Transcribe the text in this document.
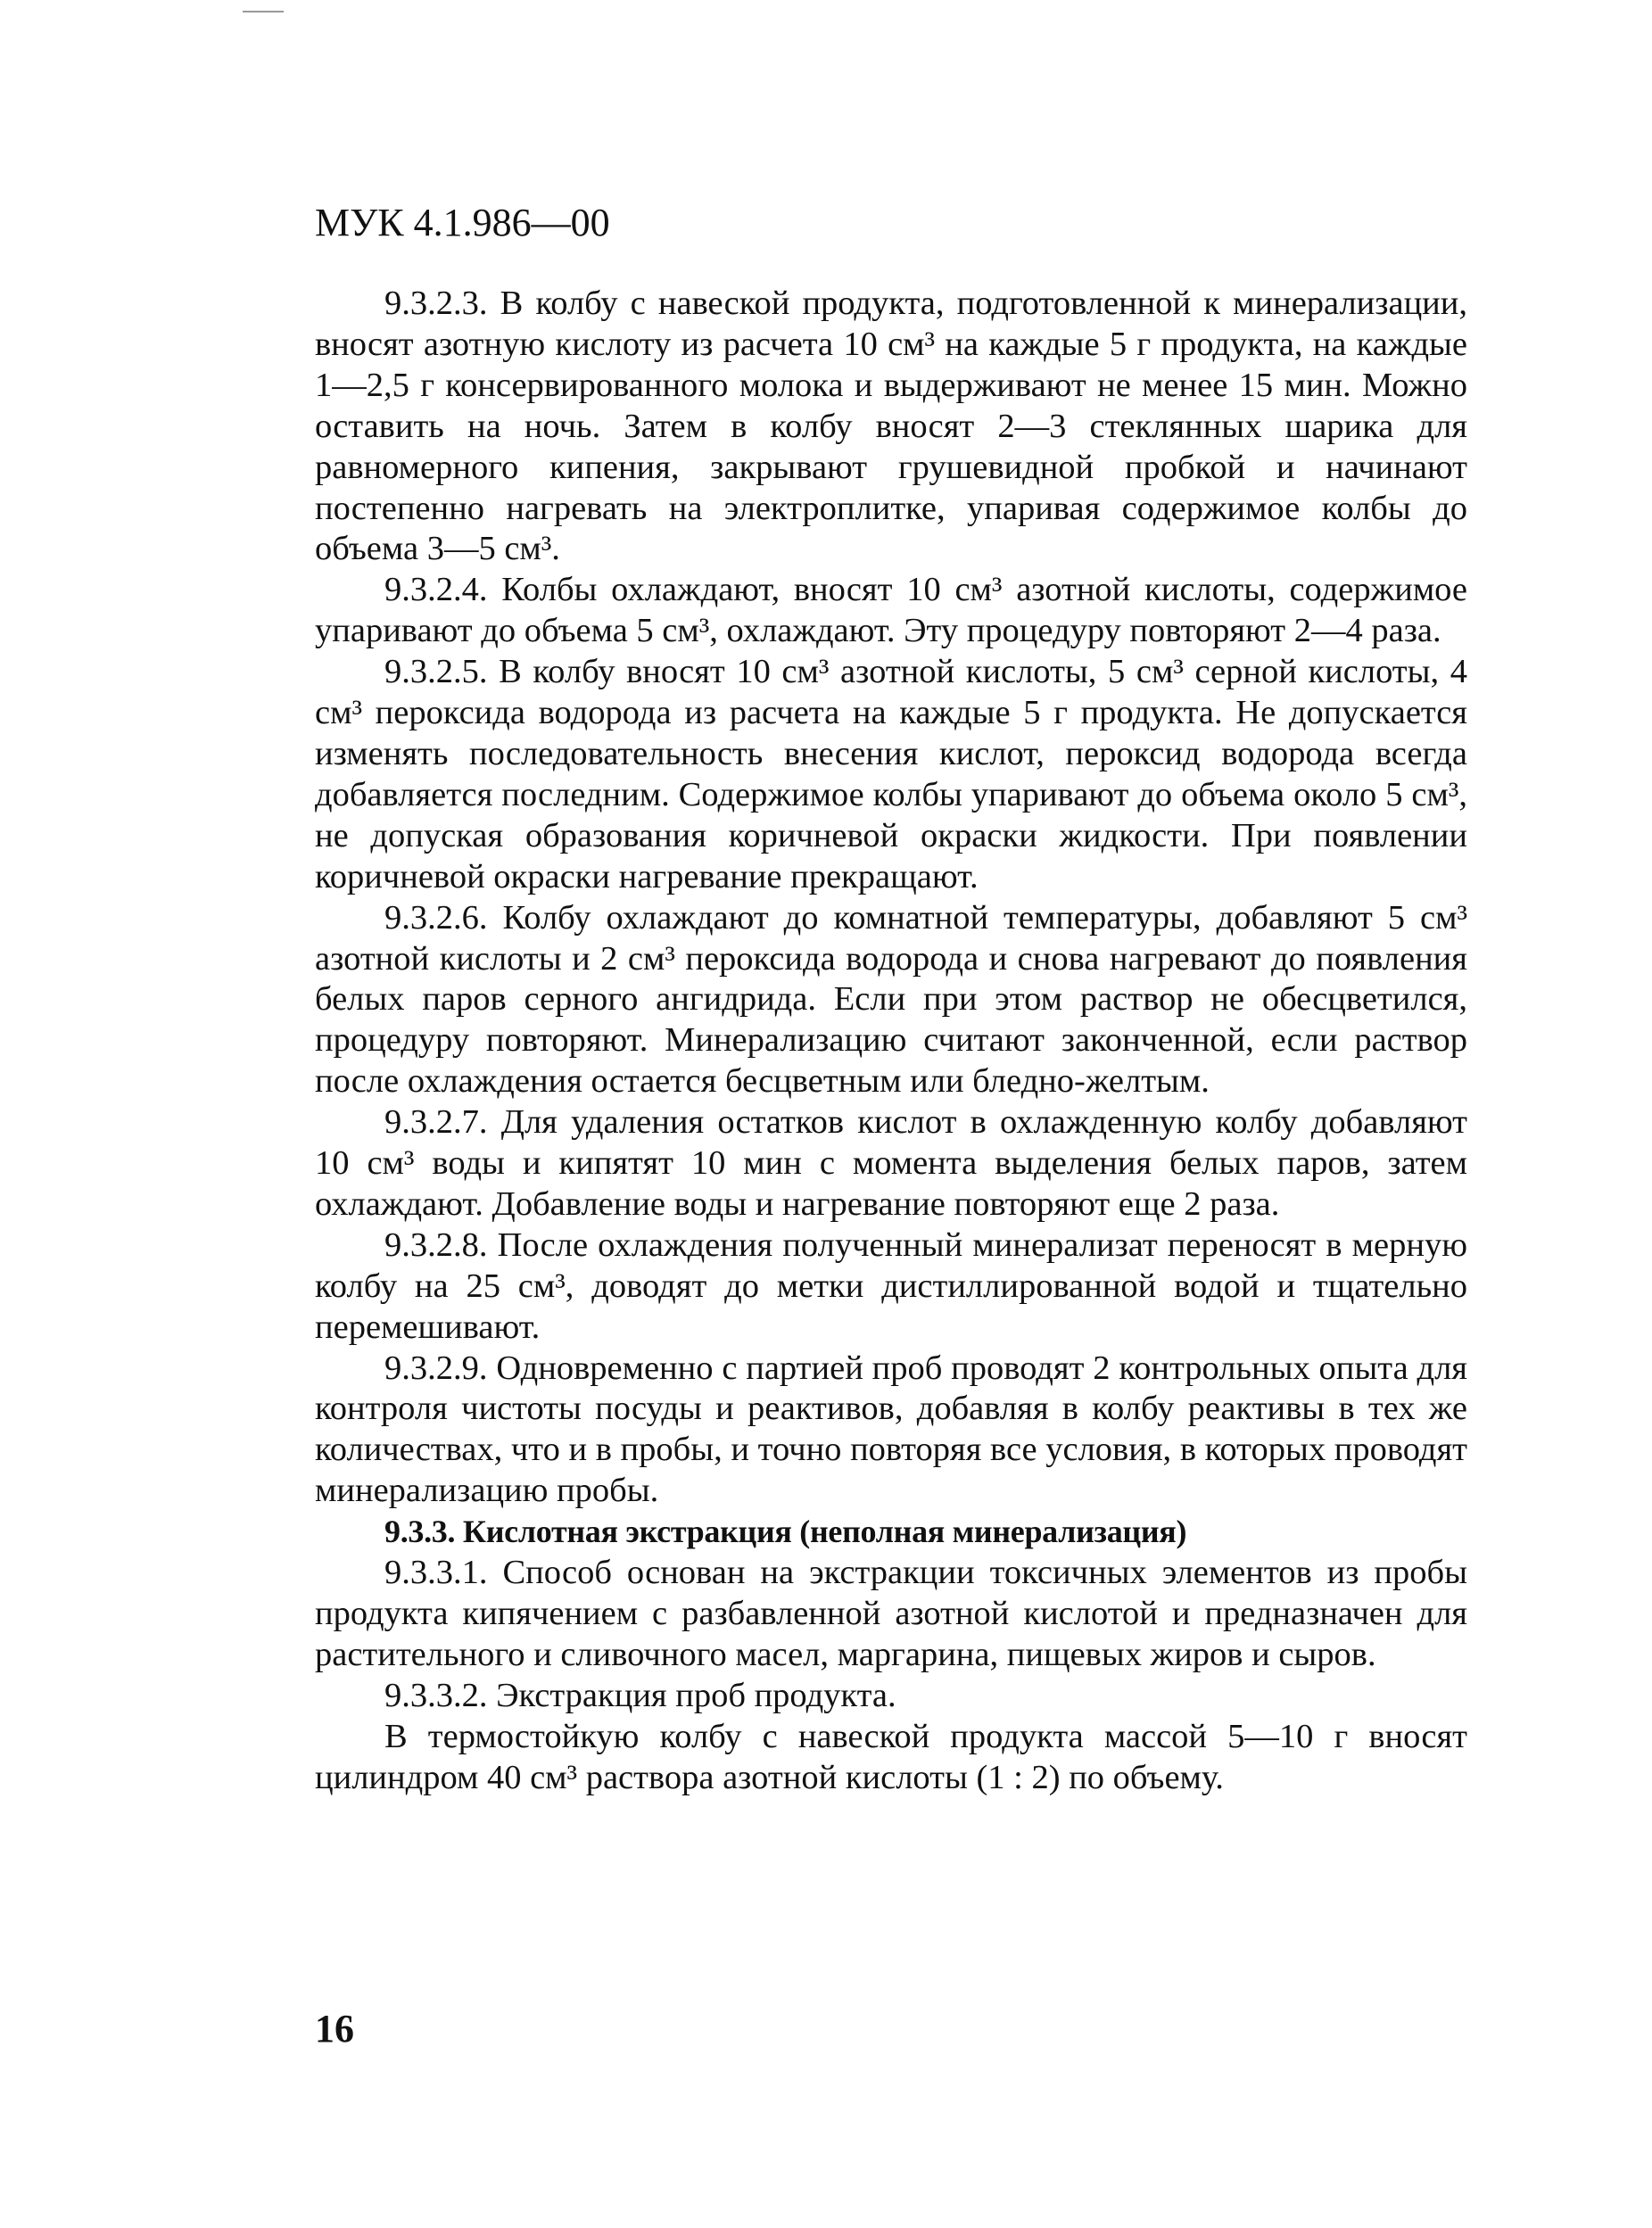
МУК 4.1.986—00

9.3.2.3. В колбу с навеской продукта, подготовленной к минерализации, вносят азотную кислоту из расчета 10 см³ на каждые 5 г продукта, на каждые 1—2,5 г консервированного молока и выдерживают не менее 15 мин. Можно оставить на ночь. Затем в колбу вносят 2—3 стеклянных шарика для равномерного кипения, закрывают грушевидной пробкой и начинают постепенно нагревать на электроплитке, упаривая содержимое колбы до объема 3—5 см³.

9.3.2.4. Колбы охлаждают, вносят 10 см³ азотной кислоты, содержимое упаривают до объема 5 см³, охлаждают. Эту процедуру повторяют 2—4 раза.

9.3.2.5. В колбу вносят 10 см³ азотной кислоты, 5 см³ серной кислоты, 4 см³ пероксида водорода из расчета на каждые 5 г продукта. Не допускается изменять последовательность внесения кислот, пероксид водорода всегда добавляется последним. Содержимое колбы упаривают до объема около 5 см³, не допуская образования коричневой окраски жидкости. При появлении коричневой окраски нагревание прекращают.

9.3.2.6. Колбу охлаждают до комнатной температуры, добавляют 5 см³ азотной кислоты и 2 см³ пероксида водорода и снова нагревают до появления белых паров серного ангидрида. Если при этом раствор не обесцветился, процедуру повторяют. Минерализацию считают законченной, если раствор после охлаждения остается бесцветным или бледно-желтым.

9.3.2.7. Для удаления остатков кислот в охлажденную колбу добавляют 10 см³ воды и кипятят 10 мин с момента выделения белых паров, затем охлаждают. Добавление воды и нагревание повторяют еще 2 раза.

9.3.2.8. После охлаждения полученный минерализат переносят в мерную колбу на 25 см³, доводят до метки дистиллированной водой и тщательно перемешивают.

9.3.2.9. Одновременно с партией проб проводят 2 контрольных опыта для контроля чистоты посуды и реактивов, добавляя в колбу реактивы в тех же количествах, что и в пробы, и точно повторяя все условия, в которых проводят минерализацию пробы.

9.3.3. Кислотная экстракция (неполная минерализация)

9.3.3.1. Способ основан на экстракции токсичных элементов из пробы продукта кипячением с разбавленной азотной кислотой и предназначен для растительного и сливочного масел, маргарина, пищевых жиров и сыров.

9.3.3.2. Экстракция проб продукта.

В термостойкую колбу с навеской продукта массой 5—10 г вносят цилиндром 40 см³ раствора азотной кислоты (1 : 2) по объему.

16
